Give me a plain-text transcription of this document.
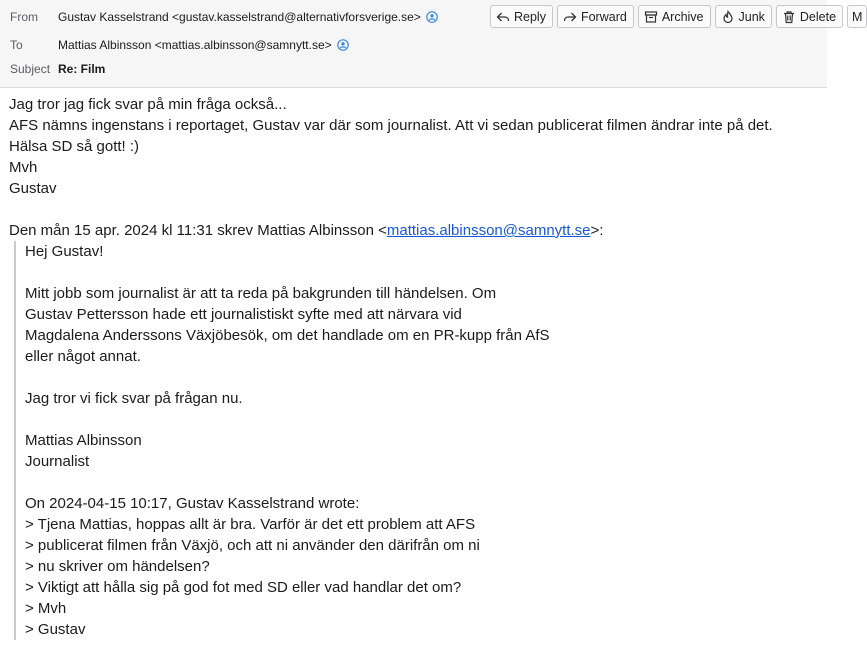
From Gustav Kasselstrand <gustav.kasselstrand@alternativforsverige.se>
To	Mattias Albinsson <mattias.albinsson@samnytt.se>
Subject Re: Film
Reply	Forward	Archive	Junk	Delete M
Jag tror jag fick svar på min fråga också...
AFS nämns ingenstans i reportaget, Gustav var där som journalist. Att vi sedan publicerat filmen ändrar inte på det.
Hälsa SD så gott! :)
Mvh
Gustav
Den mån 15 apr. 2024 kl 11:31 skrev Mattias Albinsson <mattias.albinsson@samnytt.se>:
Hej Gustav!
Mitt jobb som journalist är att ta reda på bakgrunden till händelsen. Om
Gustav Pettersson hade ett journalistiskt syfte med att närvara vid
Magdalena Anderssons Växjöbesök, om det handlade om en PR-kupp från AfS
eller något annat.
Jag tror vi fick svar på frågan nu.
Mattias Albinsson
Journalist
On 2024-04-15 10:17, Gustav Kasselstrand wrote:
> Tjena Mattias, hoppas allt är bra. Varför är det ett problem att AFS
> publicerat filmen från Växjö, och att ni använder den därifrån om ni
> nu skriver om händelsen?
> Viktigt att hålla sig på god fot med SD eller vad handlar det om?
> Mvh
> Gustav
